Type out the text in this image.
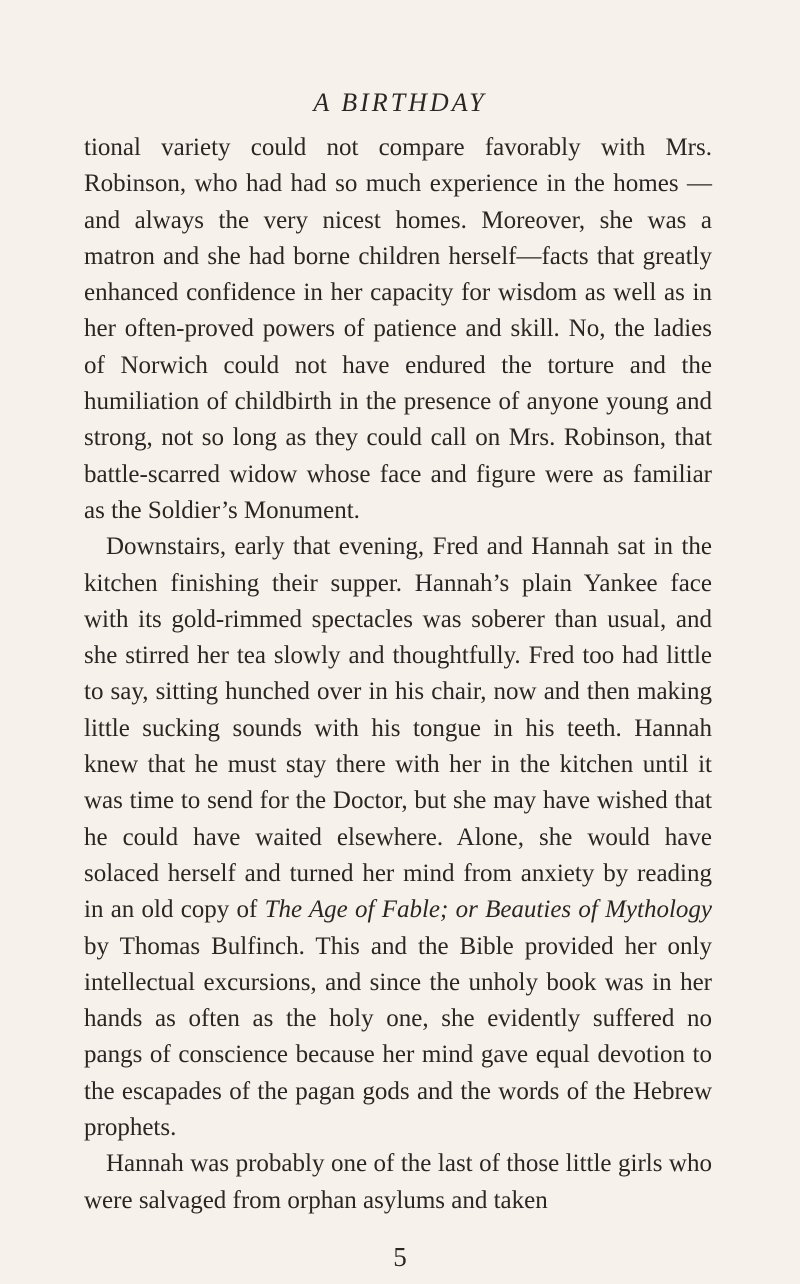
A BIRTHDAY

tional variety could not compare favorably with Mrs. Robinson, who had had so much experience in the homes —and always the very nicest homes. Moreover, she was a matron and she had borne children herself—facts that greatly enhanced confidence in her capacity for wisdom as well as in her often-proved powers of patience and skill. No, the ladies of Norwich could not have endured the torture and the humiliation of childbirth in the presence of anyone young and strong, not so long as they could call on Mrs. Robinson, that battle-scarred widow whose face and figure were as familiar as the Soldier’s Monument.

Downstairs, early that evening, Fred and Hannah sat in the kitchen finishing their supper. Hannah’s plain Yankee face with its gold-rimmed spectacles was soberer than usual, and she stirred her tea slowly and thoughtfully. Fred too had little to say, sitting hunched over in his chair, now and then making little sucking sounds with his tongue in his teeth. Hannah knew that he must stay there with her in the kitchen until it was time to send for the Doctor, but she may have wished that he could have waited elsewhere. Alone, she would have solaced herself and turned her mind from anxiety by reading in an old copy of The Age of Fable; or Beauties of Mythology by Thomas Bulfinch. This and the Bible provided her only intellectual excursions, and since the unholy book was in her hands as often as the holy one, she evidently suffered no pangs of conscience because her mind gave equal devotion to the escapades of the pagan gods and the words of the Hebrew prophets.

Hannah was probably one of the last of those little girls who were salvaged from orphan asylums and taken

5
